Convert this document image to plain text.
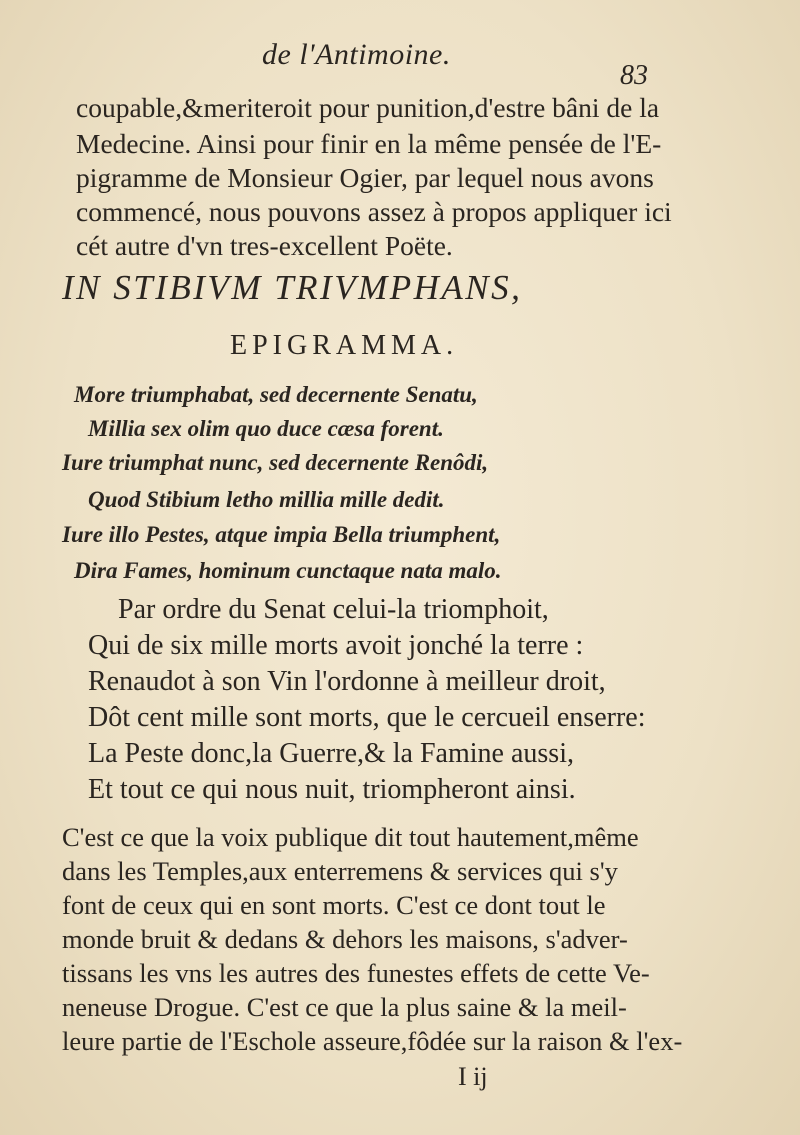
de l'Antimoine.
83
coupable,&meriteroit pour punition,d'estre bâni de la
Medecine. Ainsi pour finir en la même pensée de l'E-
pigramme de Monsieur Ogier, par lequel nous avons
commencé, nous pouvons assez à propos appliquer ici
cét autre d'vn tres-excellent Poëte.
IN STIBIVM TRIVMPHANS,
EPIGRAMMA.
More triumphabat, sed decernente Senatu,
Millia sex olim quo duce cæsa forent.
Iure triumphat nunc, sed decernente Renôdi,
Quod Stibium letho millia mille dedit.
Iure illo Pestes, atque impia Bella triumphent,
Dira Fames, hominum cunctaque nata malo.
Par ordre du Senat celui-la triomphoit,
Qui de six mille morts avoit jonché la terre :
Renaudot à son Vin l'ordonne à meilleur droit,
Dôt cent mille sont morts, que le cercueil enserre:
La Peste donc,la Guerre,& la Famine aussi,
Et tout ce qui nous nuit, triompheront ainsi.
C'est ce que la voix publique dit tout hautement,même
dans les Temples,aux enterremens & services qui s'y
font de ceux qui en sont morts. C'est ce dont tout le
monde bruit & dedans & dehors les maisons, s'adver-
tissans les vns les autres des funestes effets de cette Ve-
neneuse Drogue. C'est ce que la plus saine & la meil-
leure partie de l'Eschole asseure,fôdée sur la raison & l'ex-
I ij
